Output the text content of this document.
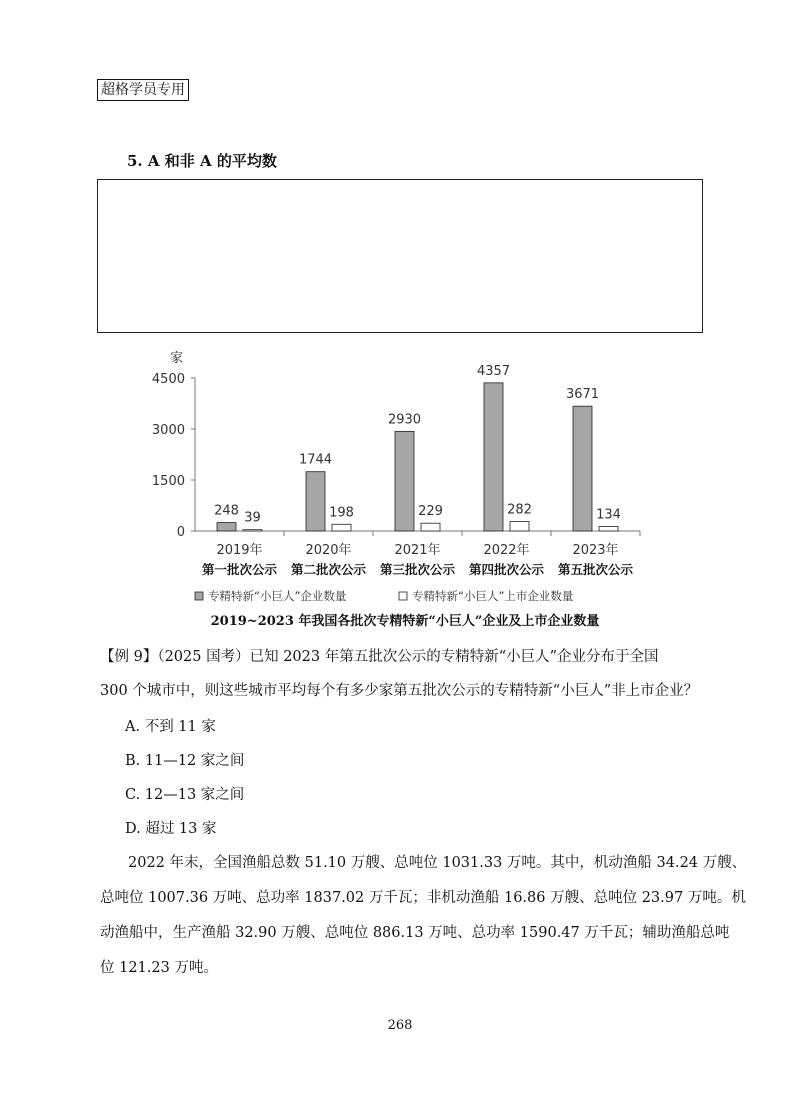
超格学员专用
5. A 和非 A 的平均数
家
0
1500
3000
4500
248 39
1744
198
2930
229
4357
282
3671
134
2019年
第一批次公示
2020年
第二批次公示
2021年
第三批次公示
2022年
第四批次公示
2023年
第五批次公示
专精特新“小巨人”企业数量	专精特新“小巨人”上市企业数量
2019~2023 年我国各批次专精特新“小巨人”企业及上市企业数量
【例 9】（2025 国考）已知 2023 年第五批次公示的专精特新“小巨人”企业分布于全国
300 个城市中，则这些城市平均每个有多少家第五批次公示的专精特新“小巨人”非上市企业？
A. 不到 11 家
B. 11—12 家之间
C. 12—13 家之间
D. 超过 13 家
2022 年末，全国渔船总数 51.10 万艘、总吨位 1031.33 万吨。其中，机动渔船 34.24 万艘、
总吨位 1007.36 万吨、总功率 1837.02 万千瓦；非机动渔船 16.86 万艘、总吨位 23.97 万吨。机
动渔船中，生产渔船 32.90 万艘、总吨位 886.13 万吨、总功率 1590.47 万千瓦；辅助渔船总吨
位 121.23 万吨。
268
